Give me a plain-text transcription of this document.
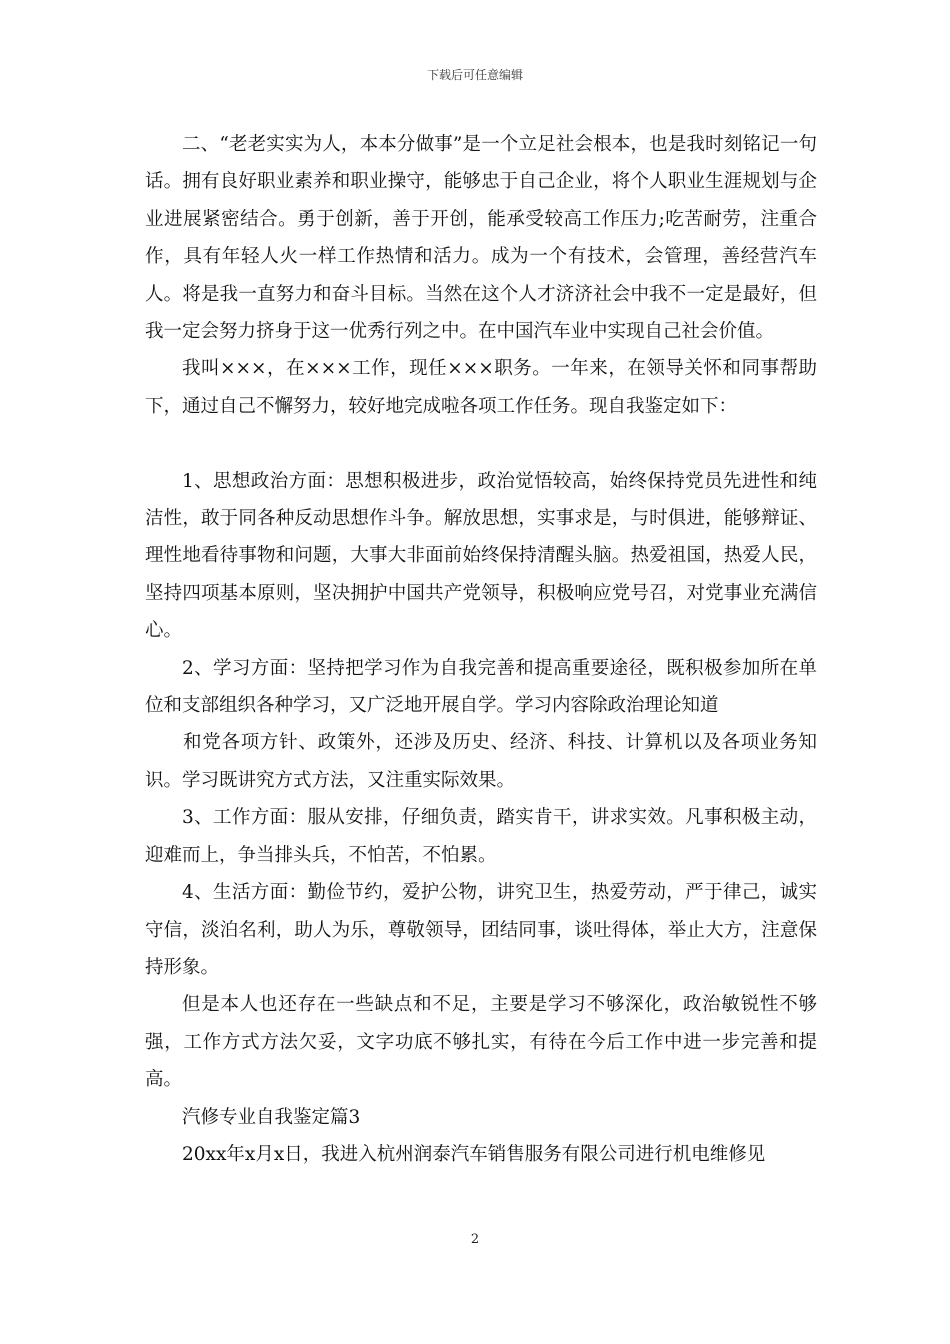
下载后可任意编辑

二、“老老实实为人，本本分做事”是一个立足社会根本，也是我时刻铭记一句话。拥有良好职业素养和职业操守，能够忠于自己企业，将个人职业生涯规划与企业进展紧密结合。勇于创新，善于开创，能承受较高工作压力;吃苦耐劳，注重合作，具有年轻人火一样工作热情和活力。成为一个有技术，会管理，善经营汽车人。将是我一直努力和奋斗目标。当然在这个人才济济社会中我不一定是最好，但我一定会努力挤身于这一优秀行列之中。在中国汽车业中实现自己社会价值。

我叫×××，在×××工作，现任×××职务。一年来，在领导关怀和同事帮助下，通过自己不懈努力，较好地完成啦各项工作任务。现自我鉴定如下：

1、思想政治方面：思想积极进步，政治觉悟较高，始终保持党员先进性和纯洁性，敢于同各种反动思想作斗争。解放思想，实事求是，与时俱进，能够辩证、理性地看待事物和问题，大事大非面前始终保持清醒头脑。热爱祖国，热爱人民，坚持四项基本原则，坚决拥护中国共产党领导，积极响应党号召，对党事业充满信心。

2、学习方面：坚持把学习作为自我完善和提高重要途径，既积极参加所在单位和支部组织各种学习，又广泛地开展自学。学习内容除政治理论知道

和党各项方针、政策外，还涉及历史、经济、科技、计算机以及各项业务知识。学习既讲究方式方法，又注重实际效果。

3、工作方面：服从安排，仔细负责，踏实肯干，讲求实效。凡事积极主动，迎难而上，争当排头兵，不怕苦，不怕累。

4、生活方面：勤俭节约，爱护公物，讲究卫生，热爱劳动，严于律己，诚实守信，淡泊名利，助人为乐，尊敬领导，团结同事，谈吐得体，举止大方，注意保持形象。

但是本人也还存在一些缺点和不足，主要是学习不够深化，政治敏锐性不够强，工作方式方法欠妥，文字功底不够扎实，有待在今后工作中进一步完善和提高。

汽修专业自我鉴定篇3

20xx年x月x日，我进入杭州润泰汽车销售服务有限公司进行机电维修见

2
